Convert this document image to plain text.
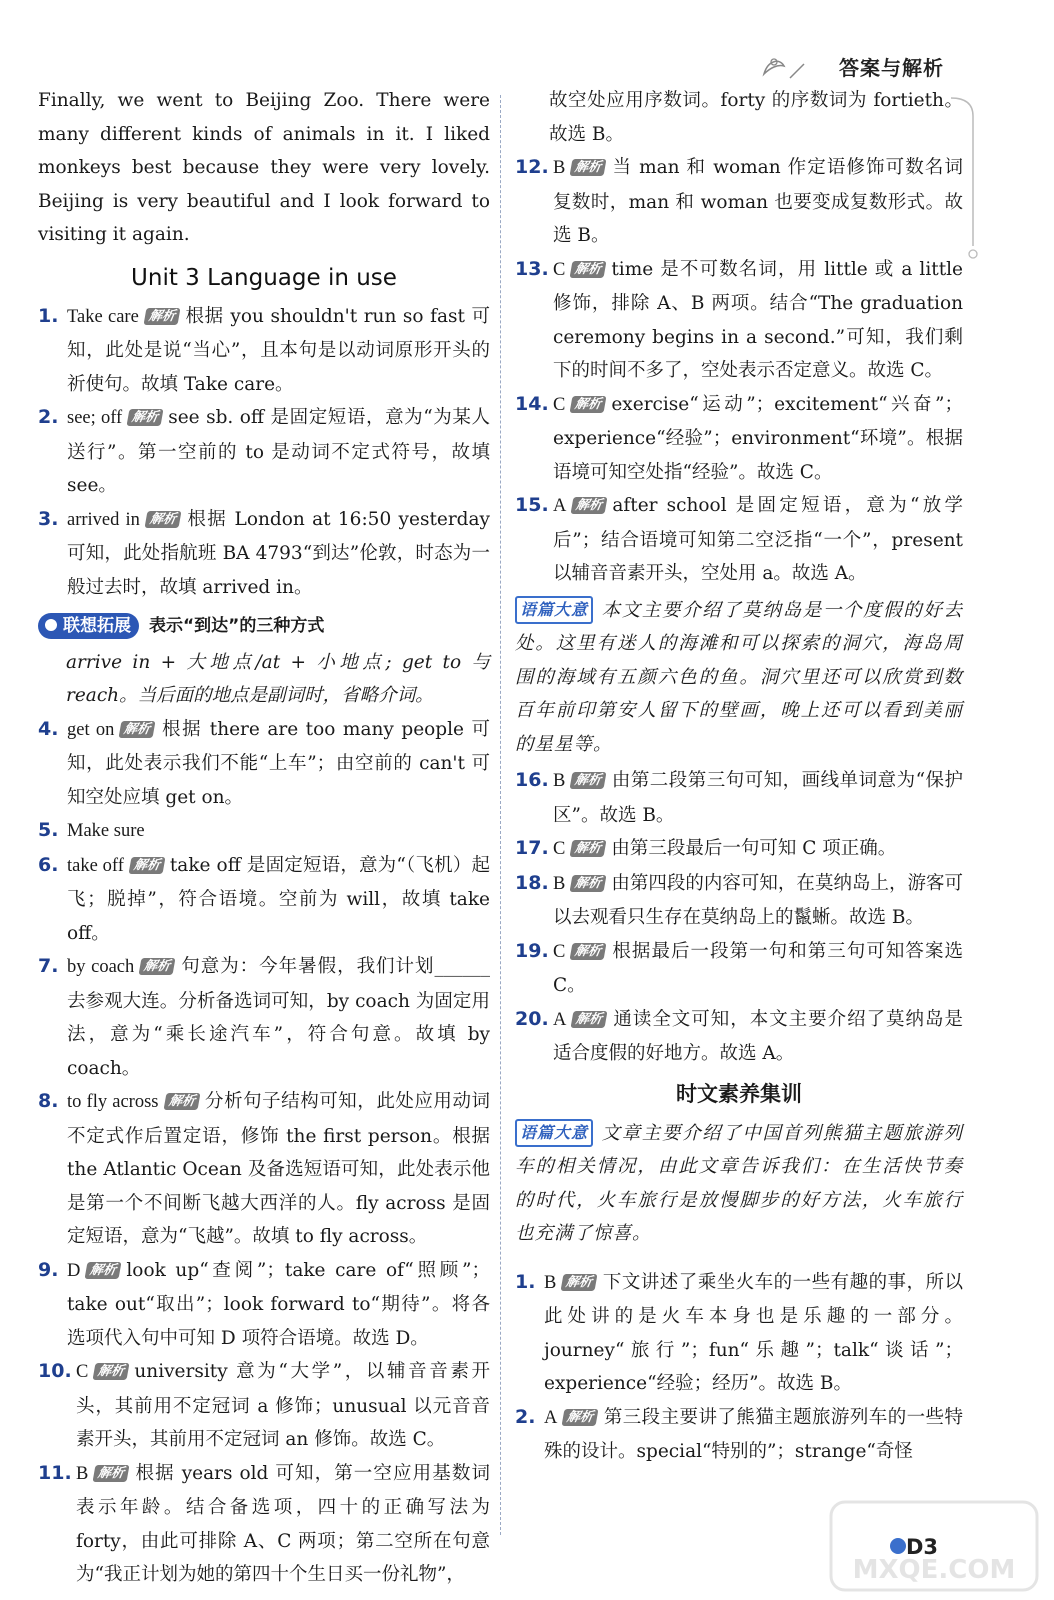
答案与解析
Finally, we went to Beijing Zoo. There were many different kinds of animals in it. I liked monkeys best because they were very lovely. Beijing is very beautiful and I look forward to visiting it again.
Unit 3 Language in use
1. Take care 解析 根据 you shouldn't run so fast 可知，此处是说“当心”，且本句是以动词原形开头的祈使句。故填 Take care。
2. see; off 解析 see sb. off 是固定短语，意为“为某人送行”。第一空前的 to 是动词不定式符号，故填 see。
3. arrived in 解析 根据 London at 16:50 yesterday 可知，此处指航班 BA 4793“到达”伦敦，时态为一般过去时，故填 arrived in。
联想拓展 表示“到达”的三种方式
arrive in + 大地点/at + 小地点; get to 与 reach。当后面的地点是副词时，省略介词。
4. get on 解析 根据 there are too many people 可知，此处表示我们不能“上车”；由空前的 can't 可知空处应填 get on。
5. Make sure
6. take off 解析 take off 是固定短语，意为“（飞机）起飞；脱掉”，符合语境。空前为 will，故填 take off。
7. by coach 解析 句意为：今年暑假，我们计划______去参观大连。分析备选词可知，by coach 为固定用法，意为“乘长途汽车”，符合句意。故填 by coach。
8. to fly across 解析 分析句子结构可知，此处应用动词不定式作后置定语，修饰 the first person。根据 the Atlantic Ocean 及备选短语可知，此处表示他是第一个不间断飞越大西洋的人。fly across 是固定短语，意为“飞越”。故填 to fly across。
9. D 解析 look up“查阅”；take care of“照顾”；take out“取出”；look forward to“期待”。将各选项代入句中可知 D 项符合语境。故选 D。
10. C 解析 university 意为“大学”，以辅音音素开头，其前用不定冠词 a 修饰；unusual 以元音音素开头，其前用不定冠词 an 修饰。故选 C。
11. B 解析 根据 years old 可知，第一空应用基数词表示年龄。结合备选项，四十的正确写法为 forty，由此可排除 A、C 两项；第二空所在句意为“我正计划为她的第四十个生日买一份礼物”，
故空处应用序数词。forty 的序数词为 fortieth。故选 B。
12. B 解析 当 man 和 woman 作定语修饰可数名词复数时，man 和 woman 也要变成复数形式。故选 B。
13. C 解析 time 是不可数名词，用 little 或 a little 修饰，排除 A、B 两项。结合“The graduation ceremony begins in a second.”可知，我们剩下的时间不多了，空处表示否定意义。故选 C。
14. C 解析 exercise“运动”；excitement“兴奋”；experience“经验”；environment“环境”。根据语境可知空处指“经验”。故选 C。
15. A 解析 after school 是固定短语，意为“放学后”；结合语境可知第二空泛指“一个”，present 以辅音音素开头，空处用 a。故选 A。
语篇大意 本文主要介绍了莫纳岛是一个度假的好去处。这里有迷人的海滩和可以探索的洞穴，海岛周围的海域有五颜六色的鱼。洞穴里还可以欣赏到数百年前印第安人留下的壁画，晚上还可以看到美丽的星星等。
16. B 解析 由第二段第三句可知，画线单词意为“保护区”。故选 B。
17. C 解析 由第三段最后一句可知 C 项正确。
18. B 解析 由第四段的内容可知，在莫纳岛上，游客可以去观看只生存在莫纳岛上的鬣蜥。故选 B。
19. C 解析 根据最后一段第一句和第三句可知答案选 C。
20. A 解析 通读全文可知，本文主要介绍了莫纳岛是适合度假的好地方。故选 A。
时文素养集训
语篇大意 文章主要介绍了中国首列熊猫主题旅游列车的相关情况，由此文章告诉我们：在生活快节奏的时代，火车旅行是放慢脚步的好方法，火车旅行也充满了惊喜。
1. B 解析 下文讲述了乘坐火车的一些有趣的事，所以此处讲的是火车本身也是乐趣的一部分。journey“旅行”；fun“乐趣”；talk“谈话”；experience“经验；经历”。故选 B。
2. A 解析 第三段主要讲了熊猫主题旅游列车的一些特殊的设计。special“特别的”；strange“奇怪
MXQE.COM
D3
